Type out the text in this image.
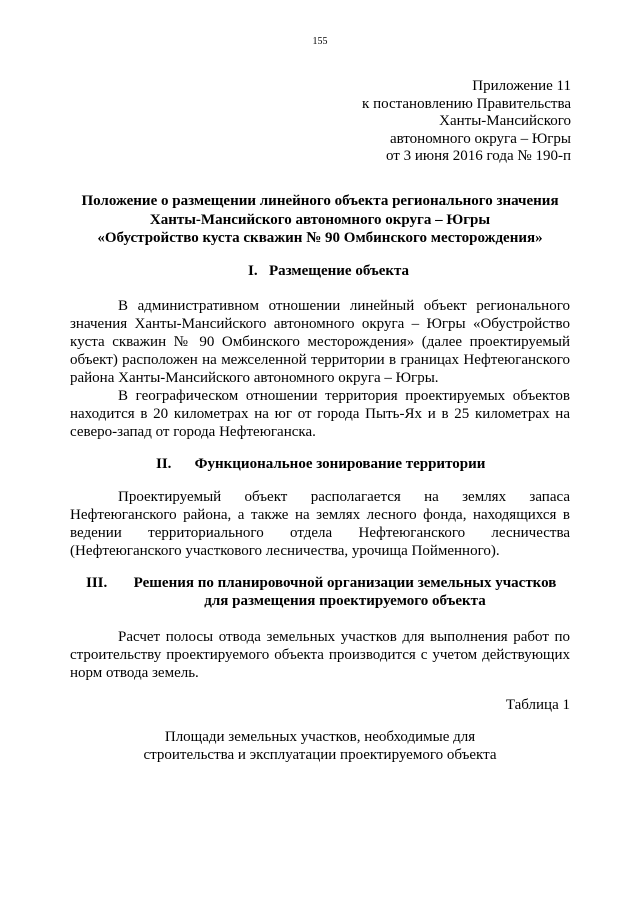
155
Приложение 11
к постановлению Правительства
Ханты-Мансийского
автономного округа – Югры
от 3 июня 2016 года № 190-п
Положение о размещении линейного объекта регионального значения
Ханты-Мансийского автономного округа – Югры
«Обустройство куста скважин № 90 Омбинского месторождения»
I. Размещение объекта
В административном отношении линейный объект регионального значения Ханты-Мансийского автономного округа – Югры «Обустройство куста скважин № 90 Омбинского месторождения» (далее проектируемый объект) расположен на межселенной территории в границах Нефтеюганского района Ханты-Мансийского автономного округа – Югры.
В географическом отношении территория проектируемых объектов находится в 20 километрах на юг от города Пыть-Ях и в 25 километрах на северо-запад от города Нефтеюганска.
II.	Функциональное зонирование территории
Проектируемый объект располагается на землях запаса Нефтеюганского района, а также на землях лесного фонда, находящихся в ведении территориального отдела Нефтеюганского лесничества (Нефтеюганского участкового лесничества, урочища Пойменного).
III.	Решения по планировочной организации земельных участков
для размещения проектируемого объекта
Расчет полосы отвода земельных участков для выполнения работ по строительству проектируемого объекта производится с учетом действующих норм отвода земель.
Таблица 1
Площади земельных участков, необходимые для
строительства и эксплуатации проектируемого объекта
